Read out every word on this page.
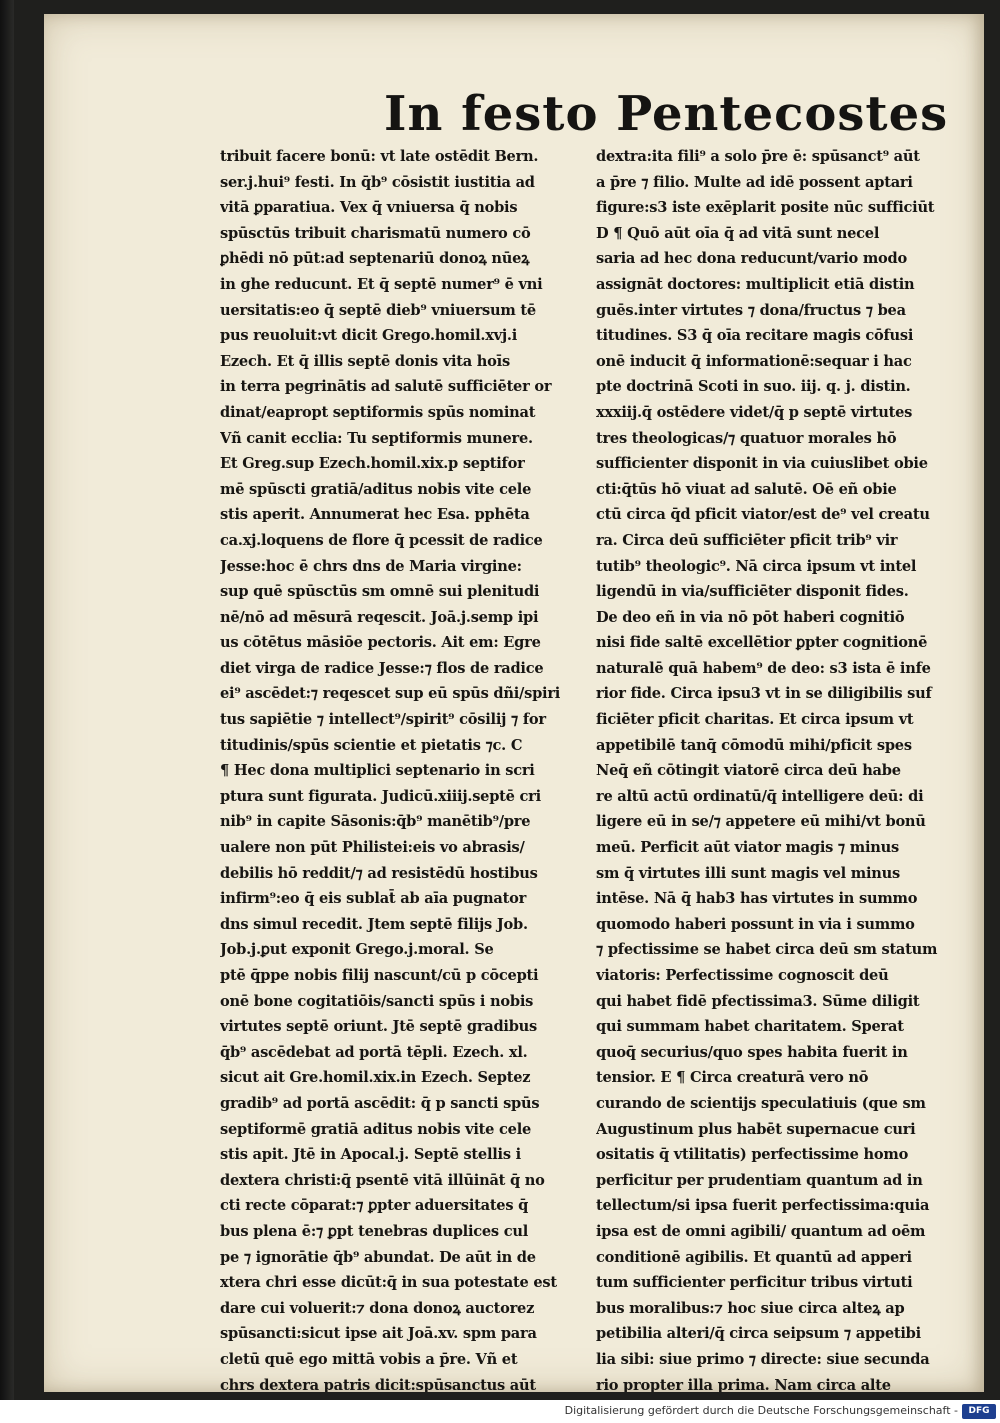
In festo Pentecostes
tribuit facere bonū: vt late ostēdit Bern.
ser.j.hui⁹ festi. In q̄b⁹ cōsistit iustitia ad
vitā ꝑparatiua. Vex q̄ vniuersa q̄ nobis
spūsctūs tribuit charismatū numero cō
ꝑhēdi nō pūt:ad septenariū donoꝝ nūeꝝ
in ghe reducunt. Et q̄ septē numer⁹ ē vni
uersitatis:eo q̄ septē dieb⁹ vniuersum tē
pus reuoluit:vt dicit Grego.homil.xvj.i
Ezech. Et q̄ illis septē donis vita hoīs
in terra pegrinātis ad salutē sufficiēter or
dinat/eapropt septiformis spūs nominat
Vñ canit ecclia: Tu septiformis munere.
Et Greg.sup Ezech.homil.xix.p septifor
mē spūscti gratiā/aditus nobis vite cele
stis aperit. Annumerat hec Esa. pphēta
ca.xj.loquens de flore q̄ pcessit de radice
Jesse:hoc ē chrs dns de Maria virgine:
sup quē spūsctūs sm omnē sui plenitudi
nē/nō ad mēsurā reqescit. Joā.j.semp ipi
us cōtētus māsiōe pectoris. Ait em: Egre
diet virga de radice Jesse:⁊ flos de radice
ei⁹ ascēdet:⁊ reqescet sup eū spūs dñi/spiri
tus sapiētie ⁊ intellect⁹/spirit⁹ cōsilij ⁊ for
titudinis/spūs scientie et pietatis ⁊c. C
¶ Hec dona multiplici septenario in scri
ptura sunt figurata. Judicū.xiiij.septē cri
nib⁹ in capite Sāsonis:q̄b⁹ manētib⁹/pre
ualere non pūt Philistei:eis vo abrasis/
debilis hō reddit/⁊ ad resistēdū hostibus
infirm⁹:eo q̄ eis sublat̄ ab aīa pugnator
dns simul recedit. Jtem septē filijs Job.
Job.j.ꝑut exponit Grego.j.moral. Se
ptē q̄ppe nobis filij nascunt/cū p cōcepti
onē bone cogitatiōis/sancti spūs i nobis
virtutes septē oriunt. Jtē septē gradibus
q̄b⁹ ascēdebat ad portā tēpli. Ezech. xl.
sicut ait Gre.homil.xix.in Ezech. Septez
gradib⁹ ad portā ascēdit: q̄ p sancti spūs
septiformē gratiā aditus nobis vite cele
stis apit. Jtē in Apocal.j. Septē stellis i
dextera christi:q̄ psentē vitā illūināt q̄ no
cti recte cōparat:⁊ ꝑpter aduersitates q̄
bus plena ē:⁊ ꝑpt tenebras duplices cul
pe ⁊ ignorātie q̄b⁹ abundat. De aūt in de
xtera chri esse dicūt:q̄ in sua potestate est
dare cui voluerit:⁊ dona donoꝝ auctorez
spūsancti:sicut ipse ait Joā.xv. spm para
cletū quē ego mittā vobis a p̄re. Vñ et
chrs dextera patris dicit:spūsanctus aūt
dextra:ita fili⁹ a solo p̄re ē: spūsanct⁹ aūt
a p̄re ⁊ filio. Multe ad idē possent aptari
figure:s3 iste exēplarit posite nūc sufficiūt
D ¶ Quō aūt oīa q̄ ad vitā sunt necel
saria ad hec dona reducunt/vario modo
assignāt doctores: multiplicit etiā distin
guēs.inter virtutes ⁊ dona/fructus ⁊ bea
titudines. S3 q̄ oīa recitare magis cōfusi
onē inducit q̄ informationē:sequar i hac
pte doctrinā Scoti in suo. iij. q. j. distin.
xxxiij.q̄ ostēdere videt/q̄ p septē virtutes
tres theologicas/⁊ quatuor morales hō
sufficienter disponit in via cuiuslibet obie
cti:q̄tūs hō viuat ad salutē. Oē eñ obie
ctū circa q̄d pficit viator/est de⁹ vel creatu
ra. Circa deū sufficiēter pficit trib⁹ vir
tutib⁹ theologic⁹. Nā circa ipsum vt intel
ligendū in via/sufficiēter disponit fides.
De deo eñ in via nō pōt haberi cognitiō
nisi fide saltē excellētior ꝑpter cognitionē
naturalē quā habem⁹ de deo: s3 ista ē infe
rior fide. Circa ipsu3 vt in se diligibilis suf
ficiēter pficit charitas. Et circa ipsum vt
appetibilē tanq̄ cōmodū mihi/pficit spes
Neq̄ eñ cōtingit viatorē circa deū habe
re altū actū ordinatū/q̄ intelligere deū: di
ligere eū in se/⁊ appetere eū mihi/vt bonū
meū. Perficit aūt viator magis ⁊ minus
sm q̄ virtutes illi sunt magis vel minus
intēse. Nā q̄ hab3 has virtutes in summo
quomodo haberi possunt in via i summo
⁊ pfectissime se habet circa deū sm statum
viatoris: Perfectissime cognoscit deū
qui habet fidē pfectissima3. Sūme diligit
qui summam habet charitatem. Sperat
quoq̄ securius/quo spes habita fuerit in
tensior. E ¶ Circa creaturā vero nō
curando de scientijs speculatiuis (que sm
Augustinum plus habēt supernacue curi
ositatis q̄ vtilitatis) perfectissime homo
perficitur per prudentiam quantum ad in
tellectum/si ipsa fuerit perfectissima:quia
ipsa est de omni agibili/ quantum ad oēm
conditionē agibilis. Et quantū ad apperi
tum sufficienter perficitur tribus virtuti
bus moralibus:⁊ hoc siue circa alteꝝ ap
petibilia alteri/q̄ circa seipsum ⁊ appetibi
lia sibi: siue primo ⁊ directe: siue secunda
rio propter illa prima. Nam circa alte
Digitalisierung gefördert durch die Deutsche Forschungsgemeinschaft -	DFG
